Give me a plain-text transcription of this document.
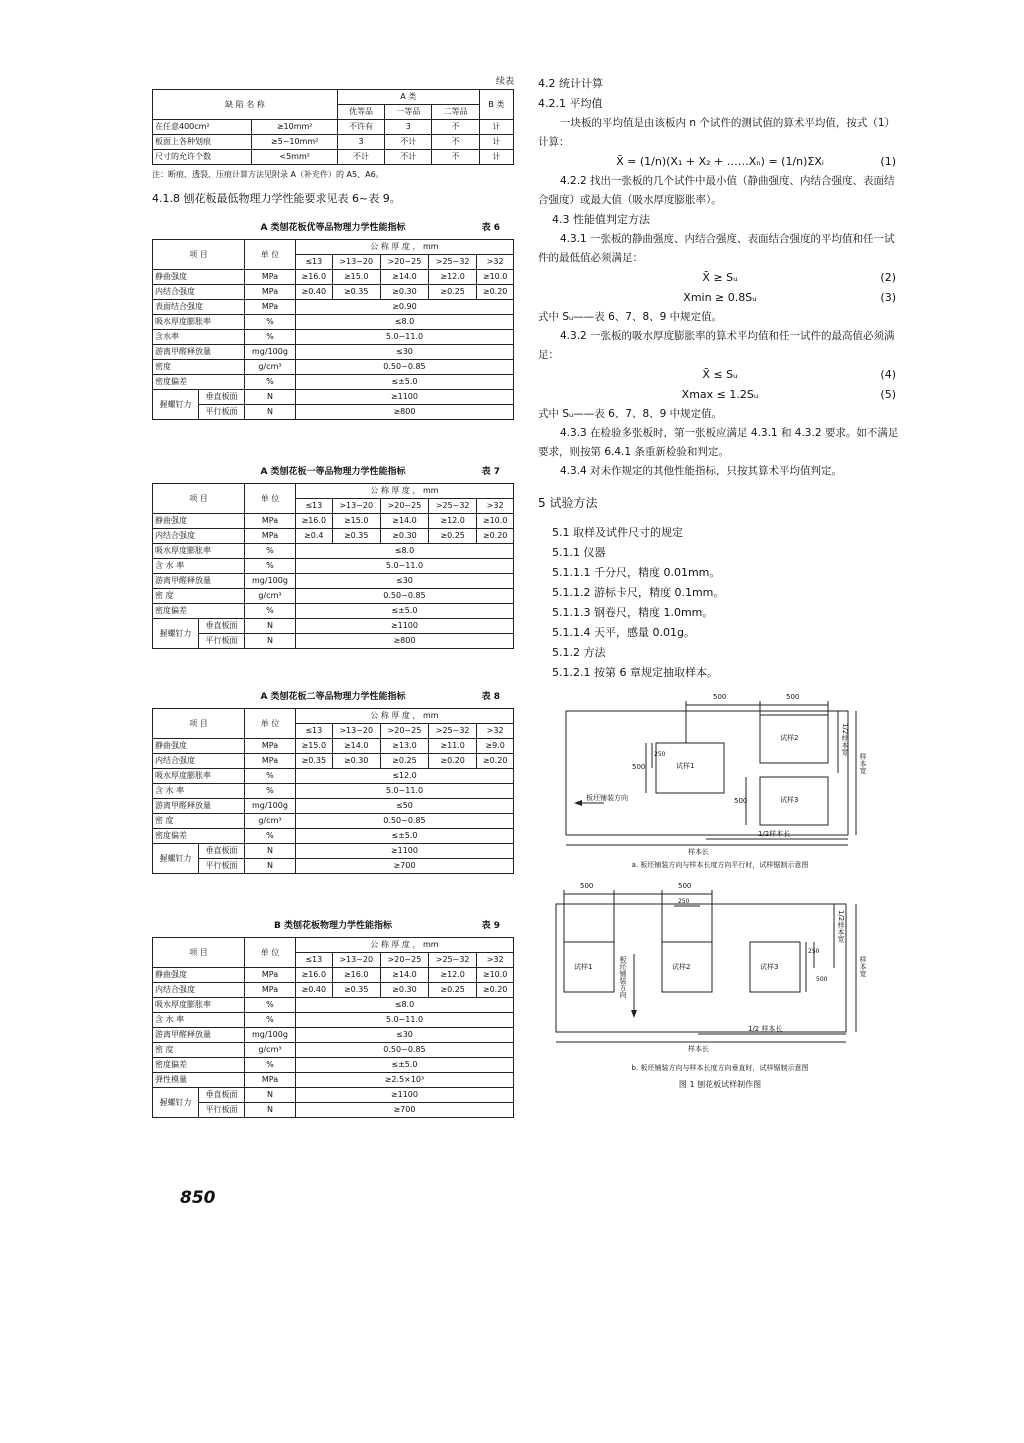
续表
缺 陷 名 称		A 类			B 类
		优等品	一等品	二等品	
在任意400cm²	≥10mm²	不许有	3	不	计
板面上各种划痕	≥5~10mm²	3	不计	不	计
尺寸的允许个数	<5mm²	不计	不计	不	计
注：断痕、透裂、压痕计算方法见附录 A（补充件）的 A5、A6。
4.1.8 刨花板最低物理力学性能要求见表 6~表 9。
A 类刨花板优等品物理力学性能指标	表 6
项 目		单 位	公 称 厚 度 ， mm				
			≤13	>13~20	>20~25	>25~32	>32
静曲强度		MPa	≥16.0	≥15.0	≥14.0	≥12.0	≥10.0
内结合强度		MPa	≥0.40	≥0.35	≥0.30	≥0.25	≥0.20
表面结合强度		MPa	≥0.90				
吸水厚度膨胀率		%	≤8.0				
含水率		%	5.0~11.0				
游离甲醛释放量		mg/100g	≤30				
密度		g/cm³	0.50~0.85				
密度偏差		%	≤±5.0				
握螺钉力	垂直板面	N	≥1100				
	平行板面	N	≥800				
A 类刨花板一等品物理力学性能指标	表 7
项 目		单 位	公 称 厚 度 ， mm				
			≤13	>13~20	>20~25	>25~32	>32
静曲强度		MPa	≥16.0	≥15.0	≥14.0	≥12.0	≥10.0
内结合强度		MPa	≥0.4	≥0.35	≥0.30	≥0.25	≥0.20
吸水厚度膨胀率		%	≤8.0				
含 水 率		%	5.0~11.0				
游离甲醛释放量		mg/100g	≤30				
密 度		g/cm³	0.50~0.85				
密度偏差		%	≤±5.0				
握螺钉力	垂直板面	N	≥1100				
	平行板面	N	≥800				
A 类刨花板二等品物理力学性能指标	表 8
项 目		单 位	公 称 厚 度 ， mm				
			≤13	>13~20	>20~25	>25~32	>32
静曲强度		MPa	≥15.0	≥14.0	≥13.0	≥11.0	≥9.0
内结合强度		MPa	≥0.35	≥0.30	≥0.25	≥0.20	≥0.20
吸水厚度膨胀率		%	≤12.0				
含 水 率		%	5.0~11.0				
游离甲醛释放量		mg/100g	≤50				
密 度		g/cm³	0.50~0.85				
密度偏差		%	≤±5.0				
握螺钉力	垂直板面	N	≥1100				
	平行板面	N	≥700				
B 类刨花板物理力学性能指标	表 9
项 目		单 位	公 称 厚 度 ， mm				
			≤13	>13~20	>20~25	>25~32	>32
静曲强度		MPa	≥16.0	≥16.0	≥14.0	≥12.0	≥10.0
内结合强度		MPa	≥0.40	≥0.35	≥0.30	≥0.25	≥0.20
吸水厚度膨胀率		%	≤8.0				
含 水 率		%	5.0~11.0				
游离甲醛释放量		mg/100g	≤30				
密 度		g/cm³	0.50~0.85				
密度偏差		%	≤±5.0				
弹性模量		MPa	≥2.5×10³				
握螺钉力	垂直板面	N	≥1100				
	平行板面	N	≥700				
850

4.2 统计计算

4.2.1 平均值

一块板的平均值是由该板内 n 个试件的测试值的算术平均值，按式（1）计算：

X̄ = (1/n)(X₁ + X₂ + ……Xₙ) = (1/n)ΣXᵢ	(1)

4.2.2 找出一张板的几个试件中最小值（静曲强度、内结合强度、表面结合强度）或最大值（吸水厚度膨胀率）。

4.3 性能值判定方法

4.3.1 一张板的静曲强度、内结合强度、表面结合强度的平均值和任一试件的最低值必须满足：

X̄ ≥ Sᵤ	(2)

Xmin ≥ 0.8Sᵤ	(3)

式中 Sᵤ——表 6、7、8、9 中规定值。

4.3.2 一张板的吸水厚度膨胀率的算术平均值和任一试件的最高值必须满足：

X̄ ≤ Sᵤ	(4)

Xmax ≤ 1.2Sᵤ	(5)

式中 Sᵤ——表 6、7、8、9 中规定值。

4.3.3 在检验多张板时，第一张板应满足 4.3.1 和 4.3.2 要求。如不满足要求，则按第 6.4.1 条重新检验和判定。

4.3.4 对未作规定的其他性能指标，只按其算术平均值判定。

5 试验方法

5.1 取样及试件尺寸的规定

5.1.1 仪器

5.1.1.1 千分尺，精度 0.01mm。

5.1.1.2 游标卡尺，精度 0.1mm。

5.1.1.3 钢卷尺，精度 1.0mm。

5.1.1.4 天平，感量 0.01g。

5.1.2 方法

5.1.2.1 按第 6 章规定抽取样本。

500	500
500
250
500
试样1
试样2
试样3
板坯铺装方向
1/2样本长
样本长
1/2样本宽
样本宽
a. 板坯铺装方向与样本长度方向平行时，试样锯制示意图
500	500
250
250
500
试样1	试样2	试样3
板坯铺装方向
1/2 样本长
样本长
1/2样本宽
样本宽
b. 板坯铺装方向与样本长度方向垂直时，试样锯制示意图
图 1 刨花板试样制作图
